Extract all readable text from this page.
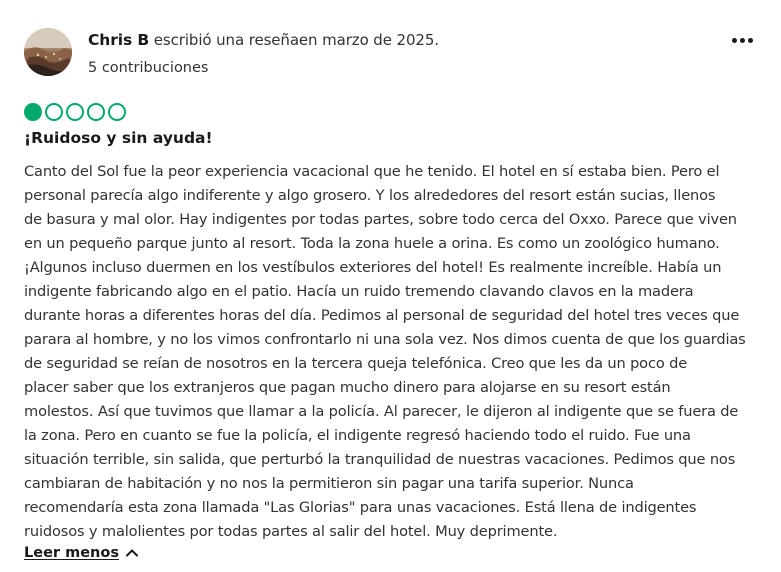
Chris B escribió una reseñaen marzo de 2025.
5 contribuciones
¡Ruidoso y sin ayuda!
Canto del Sol fue la peor experiencia vacacional que he tenido. El hotel en sí estaba bien. Pero el
personal parecía algo indiferente y algo grosero. Y los alrededores del resort están sucias, llenos
de basura y mal olor. Hay indigentes por todas partes, sobre todo cerca del Oxxo. Parece que viven
en un pequeño parque junto al resort. Toda la zona huele a orina. Es como un zoológico humano.
¡Algunos incluso duermen en los vestíbulos exteriores del hotel! Es realmente increíble. Había un
indigente fabricando algo en el patio. Hacía un ruido tremendo clavando clavos en la madera
durante horas a diferentes horas del día. Pedimos al personal de seguridad del hotel tres veces que
parara al hombre, y no los vimos confrontarlo ni una sola vez. Nos dimos cuenta de que los guardias
de seguridad se reían de nosotros en la tercera queja telefónica. Creo que les da un poco de
placer saber que los extranjeros que pagan mucho dinero para alojarse en su resort están
molestos. Así que tuvimos que llamar a la policía. Al parecer, le dijeron al indigente que se fuera de
la zona. Pero en cuanto se fue la policía, el indigente regresó haciendo todo el ruido. Fue una
situación terrible, sin salida, que perturbó la tranquilidad de nuestras vacaciones. Pedimos que nos
cambiaran de habitación y no nos la permitieron sin pagar una tarifa superior. Nunca
recomendaría esta zona llamada "Las Glorias" para unas vacaciones. Está llena de indigentes
ruidosos y malolientes por todas partes al salir del hotel. Muy deprimente.
Leer menos
